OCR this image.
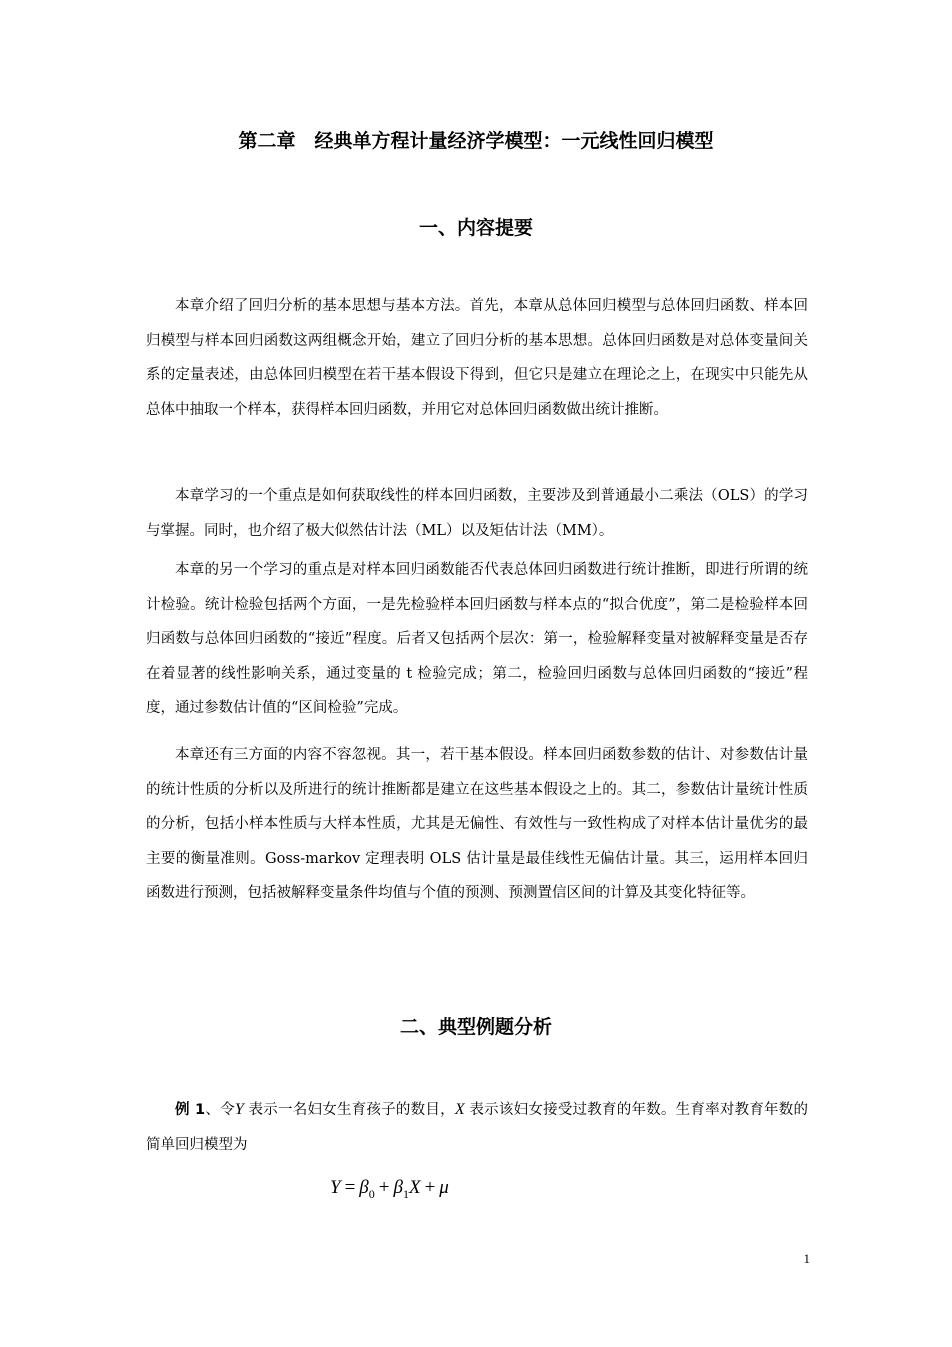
第二章　经典单方程计量经济学模型：一元线性回归模型
一、内容提要

本章介绍了回归分析的基本思想与基本方法。首先，本章从总体回归模型与总体回归函数、样本回归模型与样本回归函数这两组概念开始，建立了回归分析的基本思想。总体回归函数是对总体变量间关系的定量表述，由总体回归模型在若干基本假设下得到，但它只是建立在理论之上，在现实中只能先从总体中抽取一个样本，获得样本回归函数，并用它对总体回归函数做出统计推断。

本章学习的一个重点是如何获取线性的样本回归函数，主要涉及到普通最小二乘法（OLS）的学习与掌握。同时，也介绍了极大似然估计法（ML）以及矩估计法（MM）。

本章的另一个学习的重点是对样本回归函数能否代表总体回归函数进行统计推断，即进行所谓的统计检验。统计检验包括两个方面，一是先检验样本回归函数与样本点的“拟合优度”，第二是检验样本回归函数与总体回归函数的“接近”程度。后者又包括两个层次：第一，检验解释变量对被解释变量是否存在着显著的线性影响关系，通过变量的 t 检验完成；第二，检验回归函数与总体回归函数的“接近”程度，通过参数估计值的“区间检验”完成。

本章还有三方面的内容不容忽视。其一，若干基本假设。样本回归函数参数的估计、对参数估计量的统计性质的分析以及所进行的统计推断都是建立在这些基本假设之上的。其二，参数估计量统计性质的分析，包括小样本性质与大样本性质，尤其是无偏性、有效性与一致性构成了对样本估计量优劣的最主要的衡量准则。Goss-markov 定理表明 OLS 估计量是最佳线性无偏估计量。其三，运用样本回归函数进行预测，包括被解释变量条件均值与个值的预测、预测置信区间的计算及其变化特征等。

二、典型例题分析

例 1、令Y 表示一名妇女生育孩子的数目，X 表示该妇女接受过教育的年数。生育率对教育年数的简单回归模型为

$Y = \beta_0 + \beta_1X + \mu$
1
